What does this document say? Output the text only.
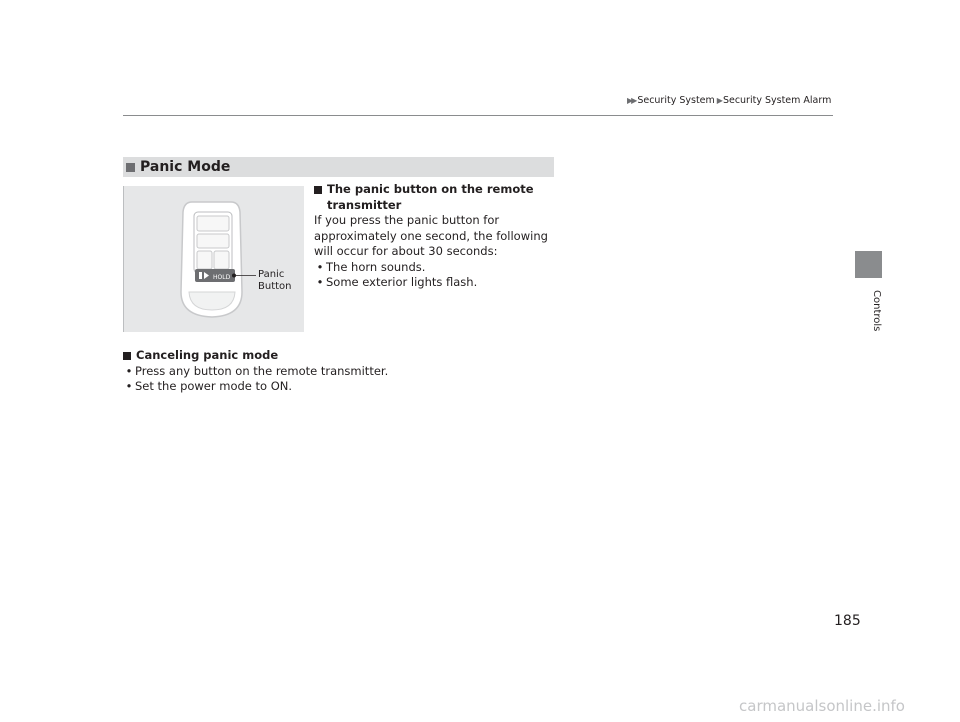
▶▶ Security System ▶ Security System Alarm
Controls
Panic Mode
HOLD	Panic
Button
The panic button on the remote
transmitter
If you press the panic button for approximately one second, the following will occur for about 30 seconds:
• The horn sounds.
• Some exterior lights flash.
Canceling panic mode
• Press any button on the remote transmitter.
• Set the power mode to ON.
185
carmanualsonline.info
